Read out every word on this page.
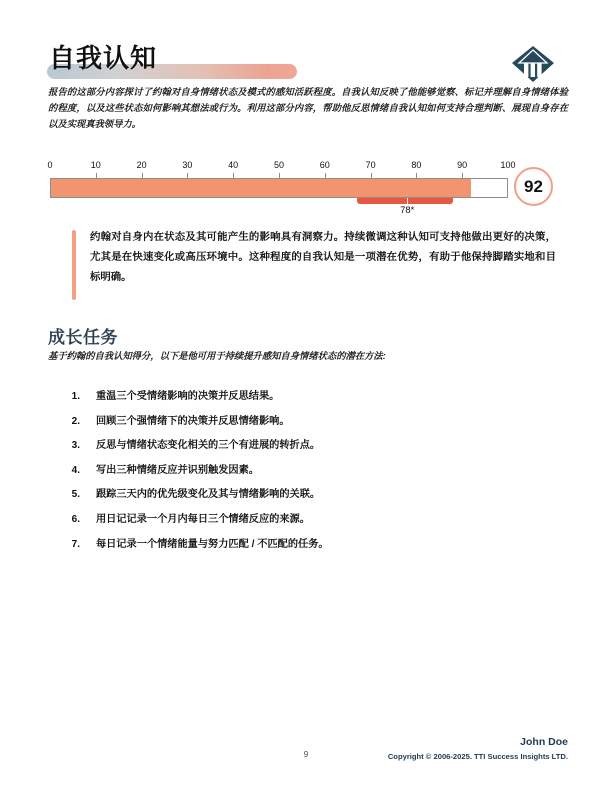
自我认知
报告的这部分内容探讨了约翰对自身情绪状态及模式的感知活跃程度。自我认知反映了他能够觉察、标记并理解自身情绪体验的程度，以及这些状态如何影响其想法或行为。利用这部分内容，帮助他反思情绪自我认知如何支持合理判断、展现自身存在以及实现真我领导力。
0	10	20	30	40	50	60	70	80	90	100
78*
92
约翰对自身内在状态及其可能产生的影响具有洞察力。持续微调这种认知可支持他做出更好的决策，尤其是在快速变化或高压环境中。这种程度的自我认知是一项潜在优势，有助于他保持脚踏实地和目标明确。
成长任务
基于约翰的自我认知得分，以下是他可用于持续提升感知自身情绪状态的潜在方法:
1. 重温三个受情绪影响的决策并反思结果。
2. 回顾三个强情绪下的决策并反思情绪影响。
3. 反思与情绪状态变化相关的三个有进展的转折点。
4. 写出三种情绪反应并识别触发因素。
5. 跟踪三天内的优先级变化及其与情绪影响的关联。
6. 用日记记录一个月内每日三个情绪反应的来源。
7. 每日记录一个情绪能量与努力匹配 / 不匹配的任务。
John Doe
Copyright © 2006-2025. TTI Success Insights LTD.
9
